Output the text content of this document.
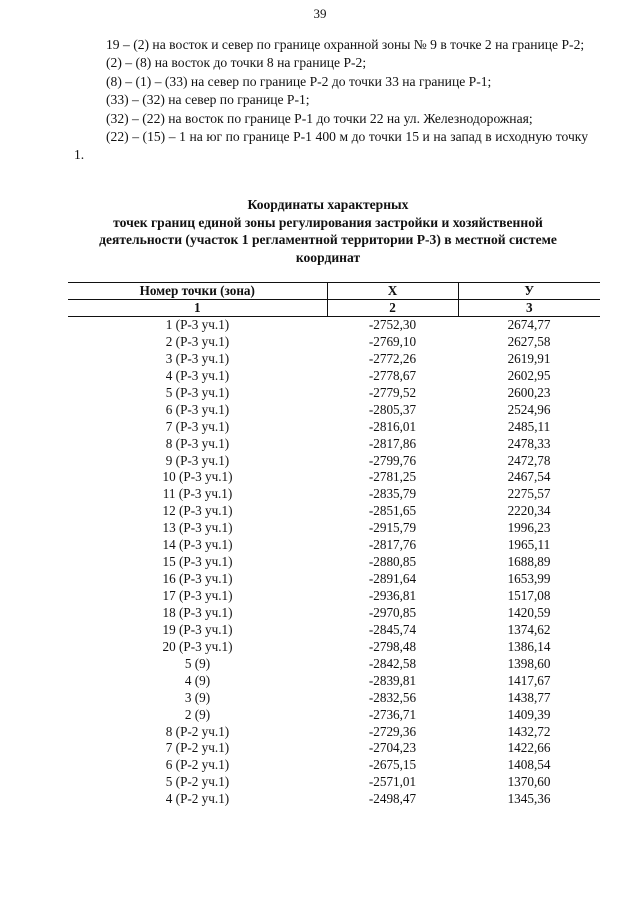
39

19 – (2) на восток и север по границе охранной зоны № 9 в точке 2 на границе Р-2;

(2) – (8) на восток до точки 8 на границе Р-2;

(8) – (1) – (33) на север по границе Р-2 до точки 33 на границе Р-1;

(33) – (32) на север по границе Р-1;

(32) – (22) на восток по границе Р-1 до точки 22 на ул. Железнодорожная;

(22) – (15) – 1 на юг по границе Р-1 400 м до точки 15 и на запад в исходную точку 1.

Координаты характерных
точек границ единой зоны регулирования застройки и хозяйственной
деятельности (участок 1 регламентной территории Р-3) в местной системе
координат
Номер точки (зона)	X	У
1	2	3
1 (Р-3 уч.1)	-2752,30	2674,77
2 (Р-3 уч.1)	-2769,10	2627,58
3 (Р-3 уч.1)	-2772,26	2619,91
4 (Р-3 уч.1)	-2778,67	2602,95
5 (Р-3 уч.1)	-2779,52	2600,23
6 (Р-3 уч.1)	-2805,37	2524,96
7 (Р-3 уч.1)	-2816,01	2485,11
8 (Р-3 уч.1)	-2817,86	2478,33
9 (Р-3 уч.1)	-2799,76	2472,78
10 (Р-3 уч.1)	-2781,25	2467,54
11 (Р-3 уч.1)	-2835,79	2275,57
12 (Р-3 уч.1)	-2851,65	2220,34
13 (Р-3 уч.1)	-2915,79	1996,23
14 (Р-3 уч.1)	-2817,76	1965,11
15 (Р-3 уч.1)	-2880,85	1688,89
16 (Р-3 уч.1)	-2891,64	1653,99
17 (Р-3 уч.1)	-2936,81	1517,08
18 (Р-3 уч.1)	-2970,85	1420,59
19 (Р-3 уч.1)	-2845,74	1374,62
20 (Р-3 уч.1)	-2798,48	1386,14
5 (9)	-2842,58	1398,60
4 (9)	-2839,81	1417,67
3 (9)	-2832,56	1438,77
2 (9)	-2736,71	1409,39
8 (Р-2 уч.1)	-2729,36	1432,72
7 (Р-2 уч.1)	-2704,23	1422,66
6 (Р-2 уч.1)	-2675,15	1408,54
5 (Р-2 уч.1)	-2571,01	1370,60
4 (Р-2 уч.1)	-2498,47	1345,36
